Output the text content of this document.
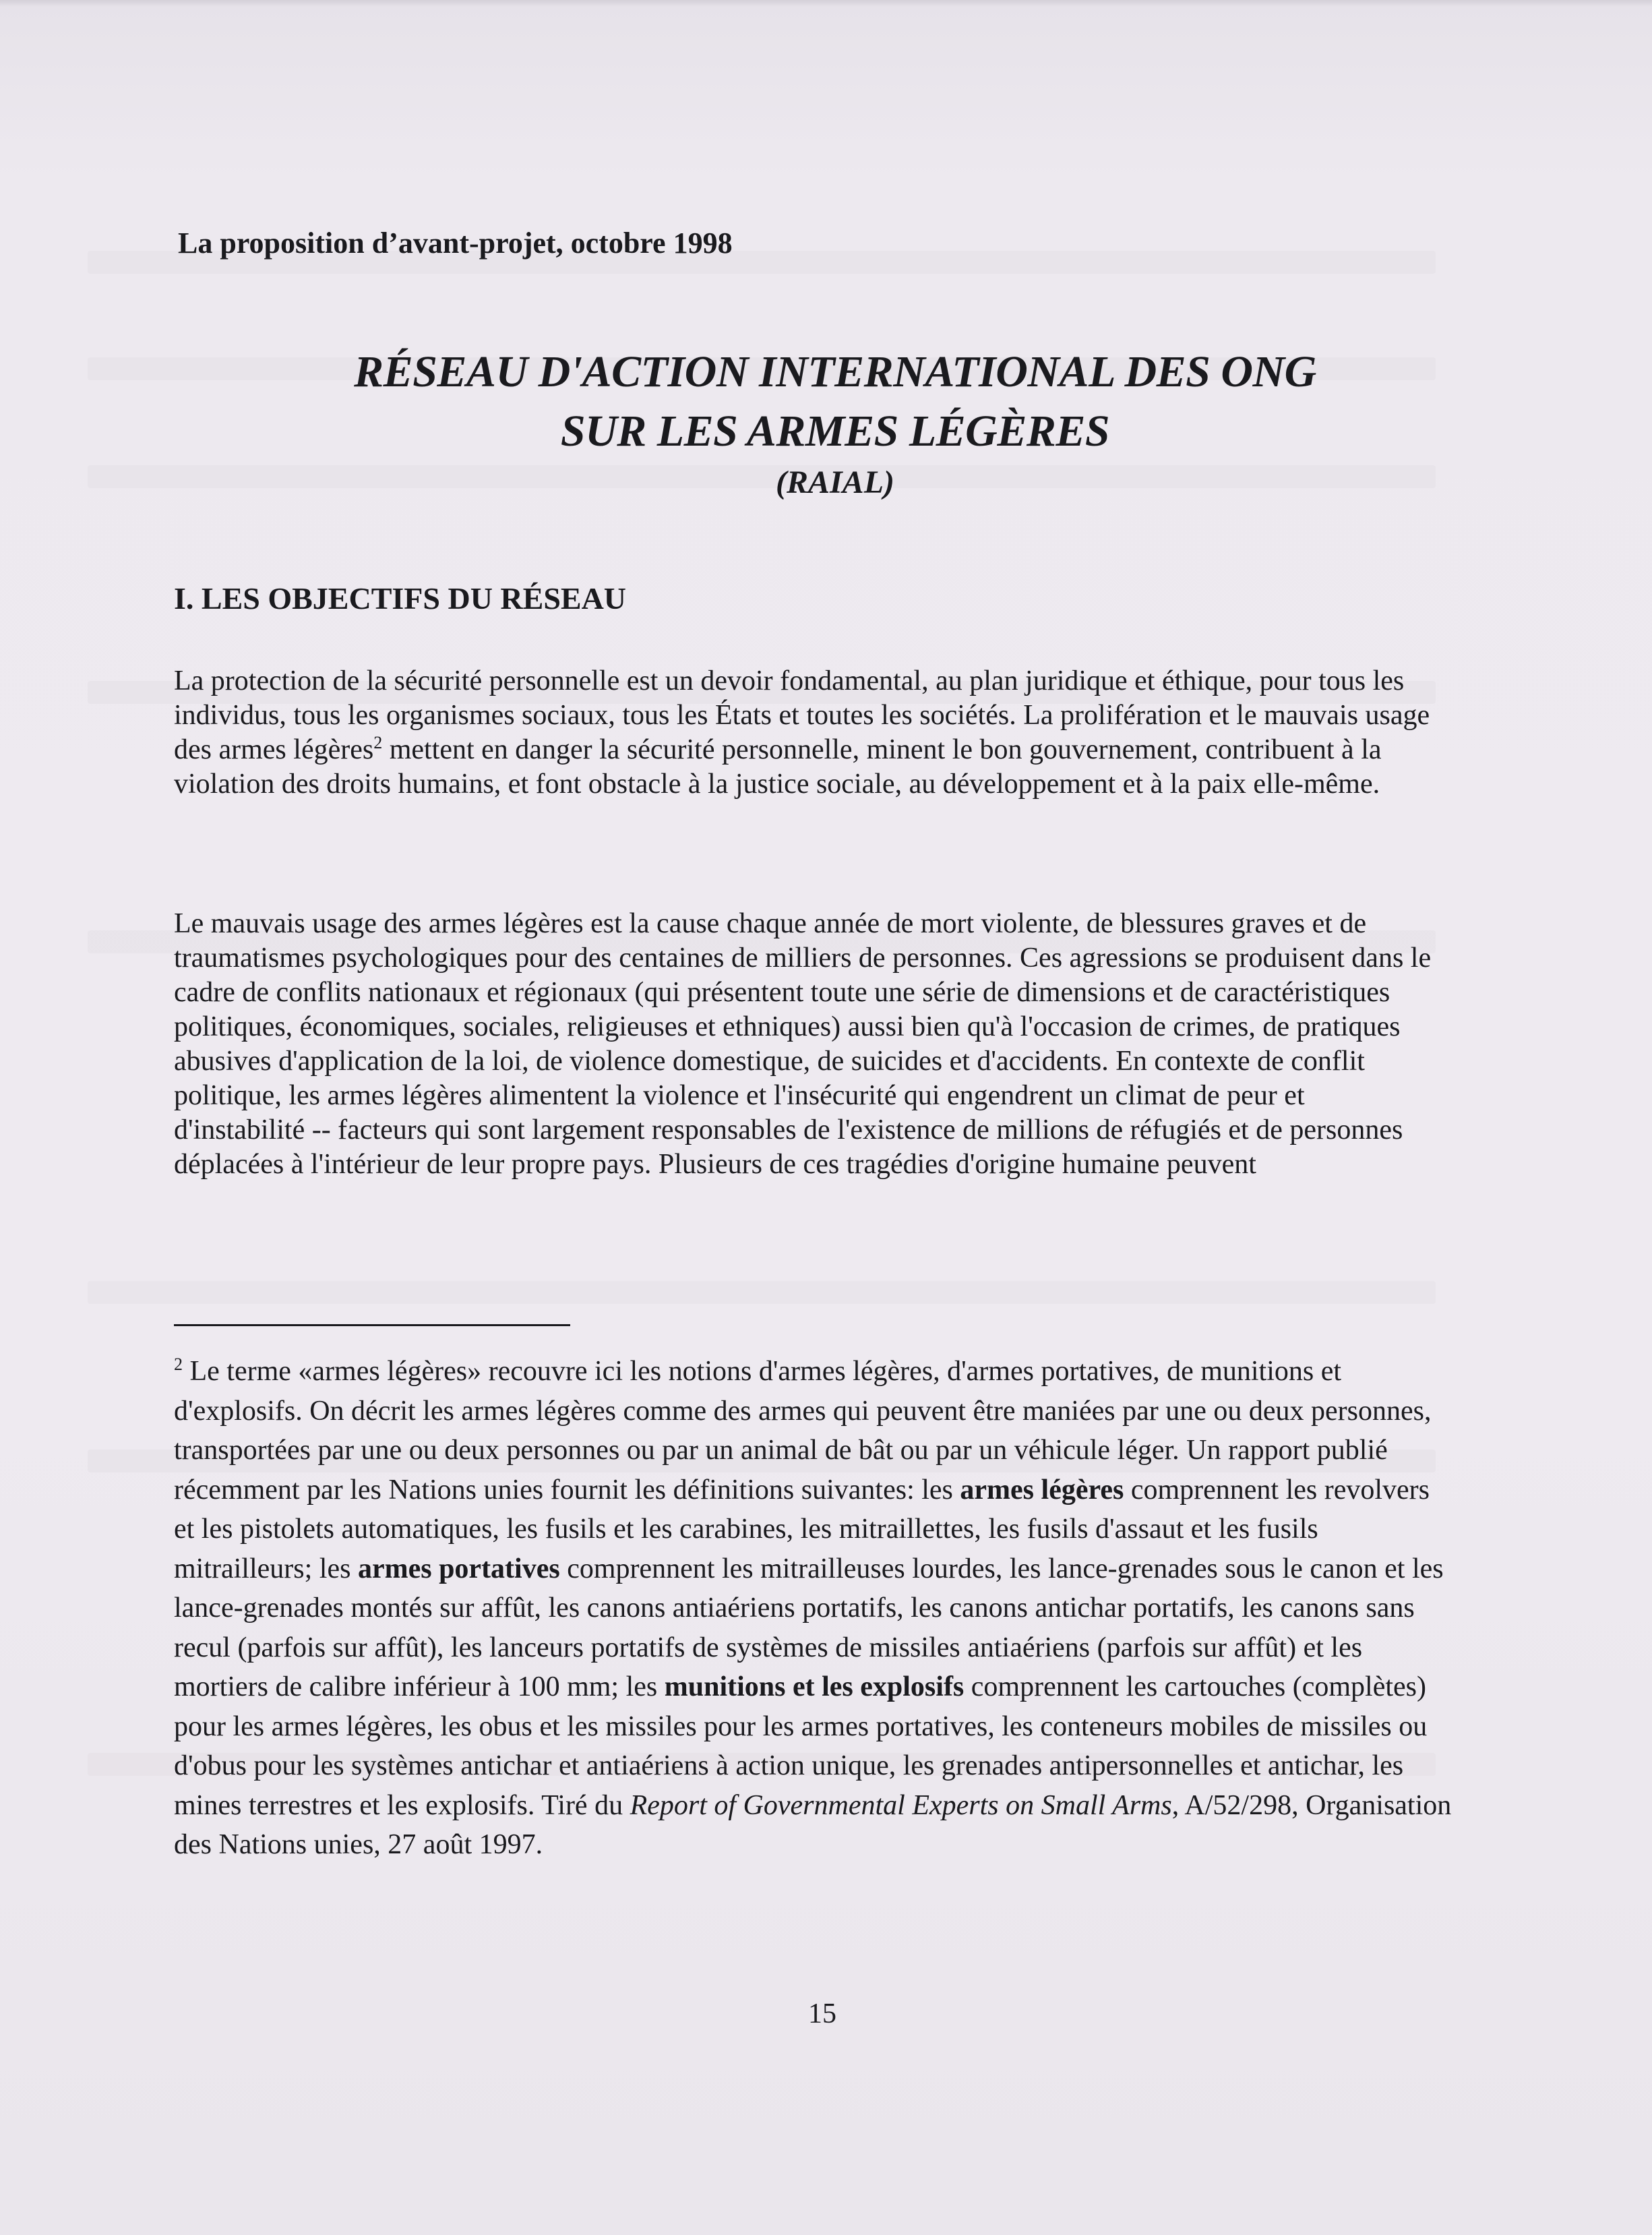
La proposition d’avant-projet, octobre 1998
RÉSEAU D'ACTION INTERNATIONAL DES ONG
SUR LES ARMES LÉGÈRES
(RAIAL)
I. LES OBJECTIFS DU RÉSEAU
La protection de la sécurité personnelle est un devoir fondamental, au plan juridique et éthique, pour tous les individus, tous les organismes sociaux, tous les États et toutes les sociétés. La prolifération et le mauvais usage des armes légères$^2$ mettent en danger la sécurité personnelle, minent le bon gouvernement, contribuent à la violation des droits humains, et font obstacle à la justice sociale, au développement et à la paix elle-même.
Le mauvais usage des armes légères est la cause chaque année de mort violente, de blessures graves et de traumatismes psychologiques pour des centaines de milliers de personnes. Ces agressions se produisent dans le cadre de conflits nationaux et régionaux (qui présentent toute une série de dimensions et de caractéristiques politiques, économiques, sociales, religieuses et ethniques) aussi bien qu'à l'occasion de crimes, de pratiques abusives d'application de la loi, de violence domestique, de suicides et d'accidents. En contexte de conflit politique, les armes légères alimentent la violence et l'insécurité qui engendrent un climat de peur et d'instabilité -- facteurs qui sont largement responsables de l'existence de millions de réfugiés et de personnes déplacées à l'intérieur de leur propre pays. Plusieurs de ces tragédies d'origine humaine peuvent
$^2$ Le terme «armes légères» recouvre ici les notions d'armes légères, d'armes portatives, de munitions et d'explosifs. On décrit les armes légères comme des armes qui peuvent être maniées par une ou deux personnes, transportées par une ou deux personnes ou par un animal de bât ou par un véhicule léger. Un rapport publié récemment par les Nations unies fournit les définitions suivantes: les armes légères comprennent les revolvers et les pistolets automatiques, les fusils et les carabines, les mitraillettes, les fusils d'assaut et les fusils mitrailleurs; les armes portatives comprennent les mitrailleuses lourdes, les lance-grenades sous le canon et les lance-grenades montés sur affût, les canons antiaériens portatifs, les canons antichar portatifs, les canons sans recul (parfois sur affût), les lanceurs portatifs de systèmes de missiles antiaériens (parfois sur affût) et les mortiers de calibre inférieur à 100 mm; les munitions et les explosifs comprennent les cartouches (complètes) pour les armes légères, les obus et les missiles pour les armes portatives, les conteneurs mobiles de missiles ou d'obus pour les systèmes antichar et antiaériens à action unique, les grenades antipersonnelles et antichar, les mines terrestres et les explosifs. Tiré du Report of Governmental Experts on Small Arms, A/52/298, Organisation des Nations unies, 27 août 1997.
15
